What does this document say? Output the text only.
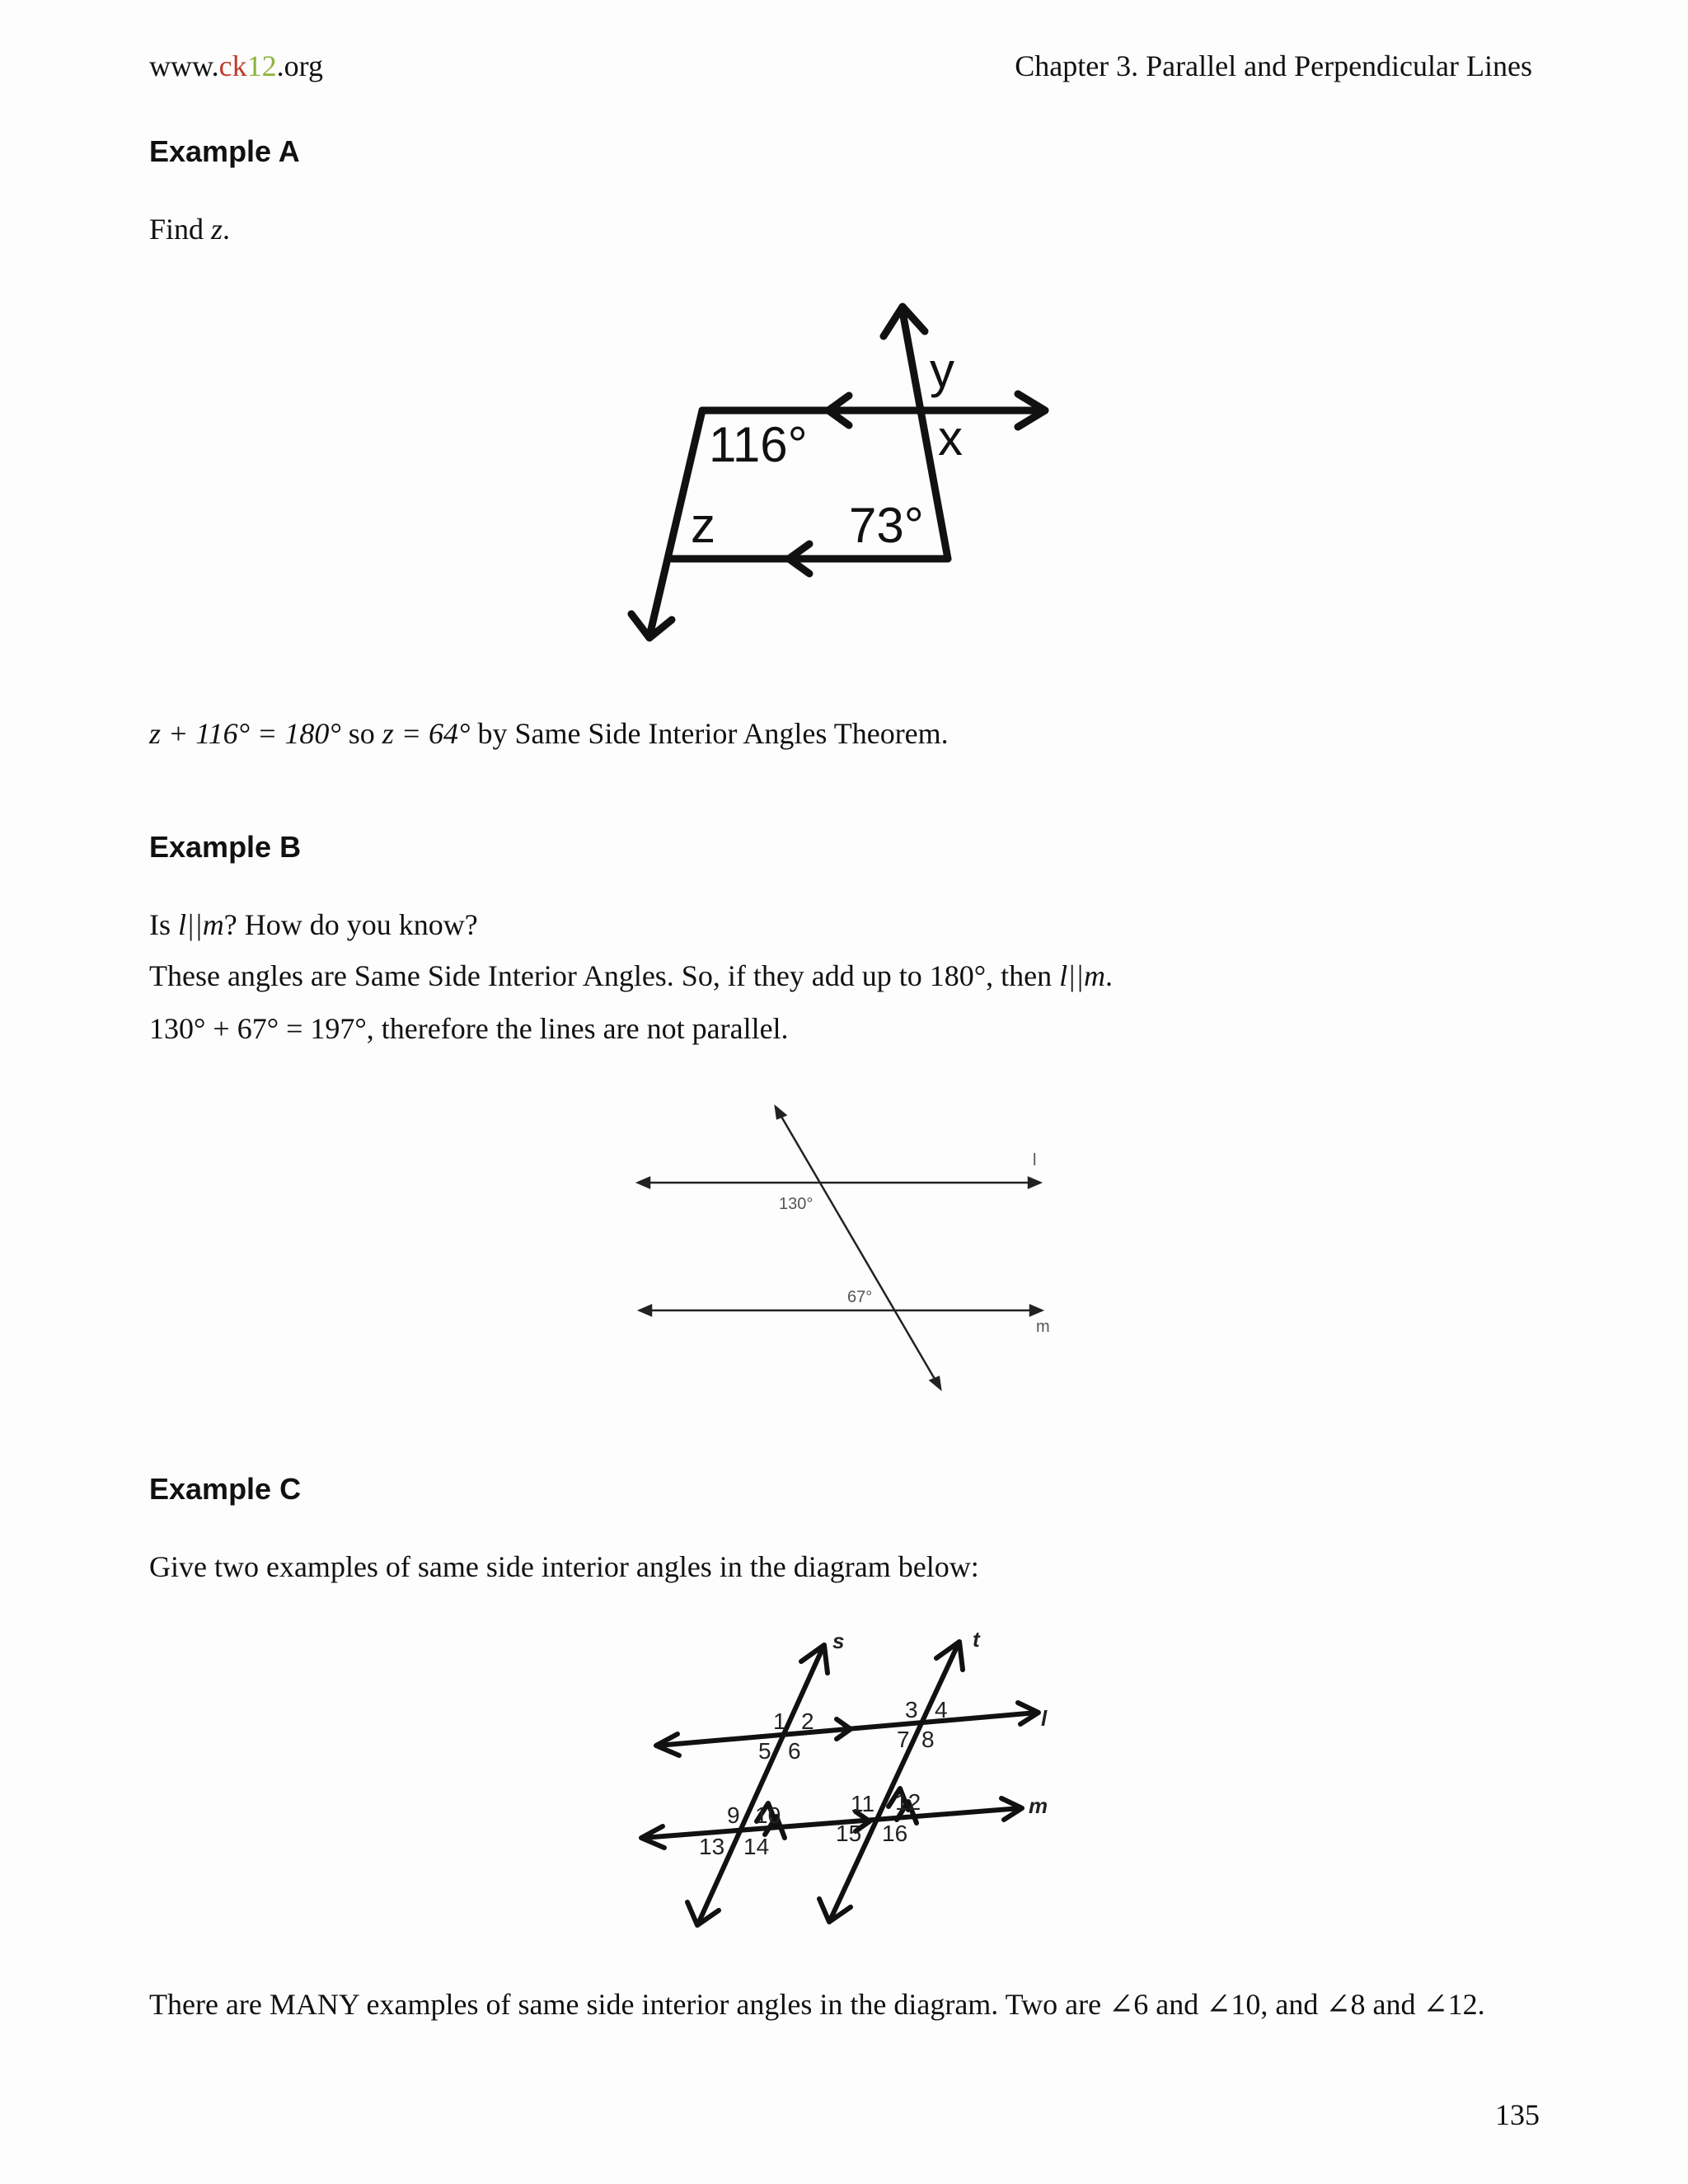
www.ck12.org	Chapter 3. Parallel and Perpendicular Lines
Example A
Find z.
116°
73°
y
x
z
z + 116° = 180° so z = 64° by Same Side Interior Angles Theorem.
Example B
Is l||m? How do you know?
These angles are Same Side Interior Angles. So, if they add up to 180°, then l||m.
130° + 67° = 197°, therefore the lines are not parallel.
130°
67°
l
m
Example C
Give two examples of same side interior angles in the diagram below:
s	t
l
m
1 2	3 4
5 6	7 8
9 10	11 12
13 14
15 16
There are MANY examples of same side interior angles in the diagram. Two are ∠6 and ∠10, and ∠8 and ∠12.
135
